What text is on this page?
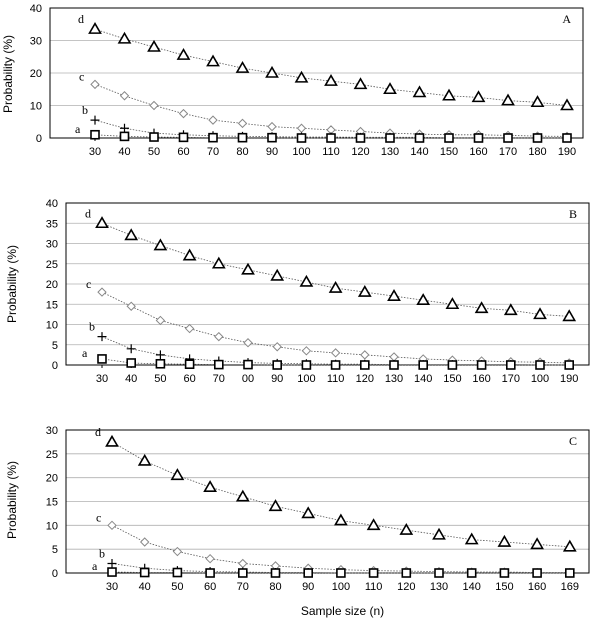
0
10
20
30
40
30 40 50 60 70 80 90 100 110 120 130 140 150 160 170 180 190
Probability (%)
A
d
c
b
a
0
5
10
15
20
25
30
35
40
30 40 50 60 70 00 90 100 110 120 130 140 150 160 170 100 190
Probability (%)
B
d
c
b
a
0
5
10
15
20
25
30
30 40 50 60 70 80 90 100 110 120 130 140 150 160 169
Probability (%)
Sample size (n)
C
d
c
b
a
